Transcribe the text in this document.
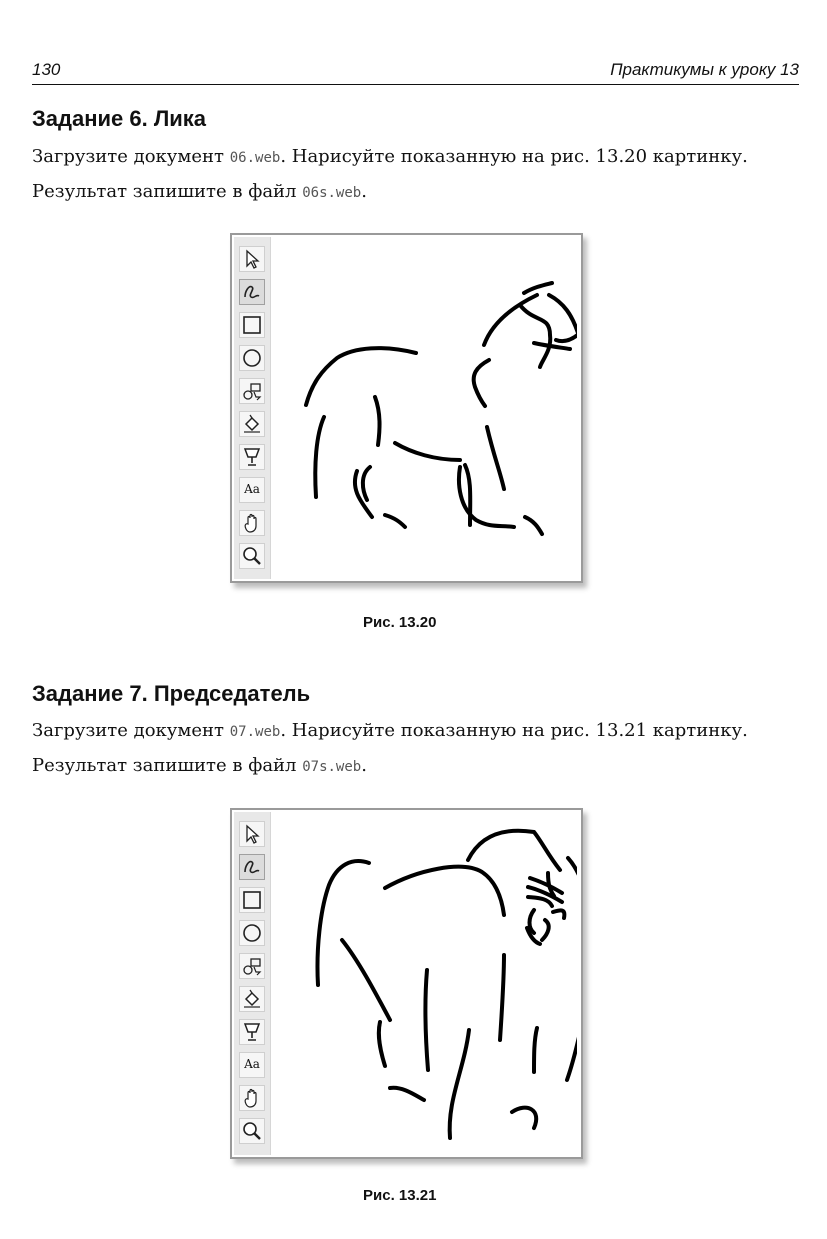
130	Практикумы к уроку 13
Задание 6. Лика
Загрузите документ 06.web. Нарисуйте показанную на рис. 13.20 картинку.
Результат запишите в файл 06s.web.
Aa
Рис. 13.20
Задание 7. Председатель
Загрузите документ 07.web. Нарисуйте показанную на рис. 13.21 картинку.
Результат запишите в файл 07s.web.
Aa
Рис. 13.21
